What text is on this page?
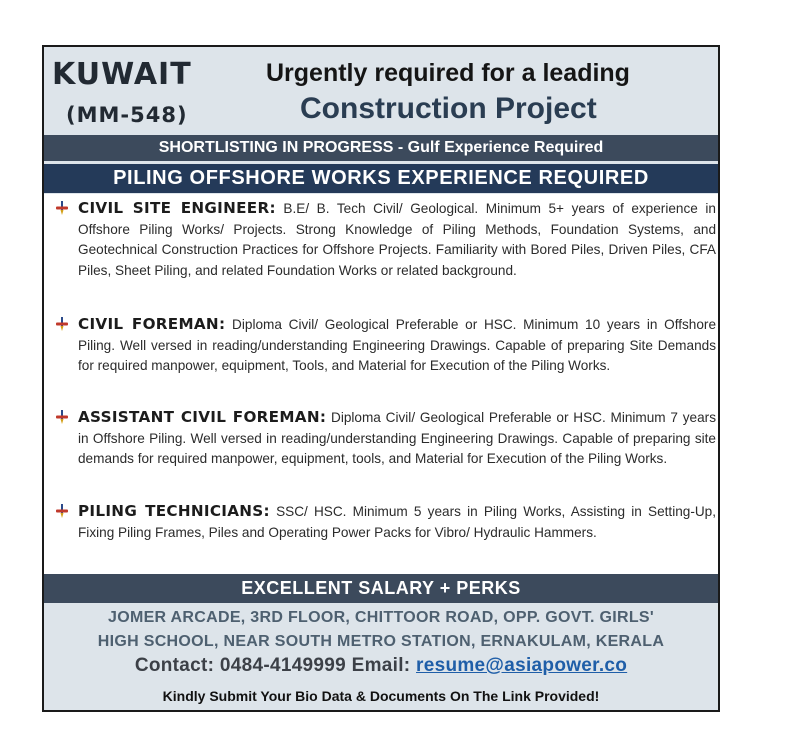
KUWAIT
(MM-548)
Urgently required for a leading
Construction Project
SHORTLISTING IN PROGRESS - Gulf Experience Required
PILING OFFSHORE WORKS EXPERIENCE REQUIRED
CIVIL SITE ENGINEER: B.E/ B. Tech Civil/ Geological. Minimum 5+ years of experience in Offshore Piling Works/ Projects. Strong Knowledge of Piling Methods, Foundation Systems, and Geotechnical Construction Practices for Offshore Projects. Familiarity with Bored Piles, Driven Piles, CFA Piles, Sheet Piling, and related Foundation Works or related background.
CIVIL FOREMAN: Diploma Civil/ Geological Preferable or HSC. Minimum 10 years in Offshore Piling. Well versed in reading/understanding Engineering Drawings. Capable of preparing Site Demands for required manpower, equipment, Tools, and Material for Execution of the Piling Works.
ASSISTANT CIVIL FOREMAN: Diploma Civil/ Geological Preferable or HSC. Minimum 7 years in Offshore Piling. Well versed in reading/understanding Engineering Drawings. Capable of preparing site demands for required manpower, equipment, tools, and Material for Execution of the Piling Works.
PILING TECHNICIANS: SSC/ HSC. Minimum 5 years in Piling Works, Assisting in Setting-Up, Fixing Piling Frames, Piles and Operating Power Packs for Vibro/ Hydraulic Hammers.
EXCELLENT SALARY + PERKS
JOMER ARCADE, 3RD FLOOR, CHITTOOR ROAD, OPP. GOVT. GIRLS'
HIGH SCHOOL, NEAR SOUTH METRO STATION, ERNAKULAM, KERALA
Contact: 0484-4149999 Email: resume@asiapower.co
Kindly Submit Your Bio Data & Documents On The Link Provided!
